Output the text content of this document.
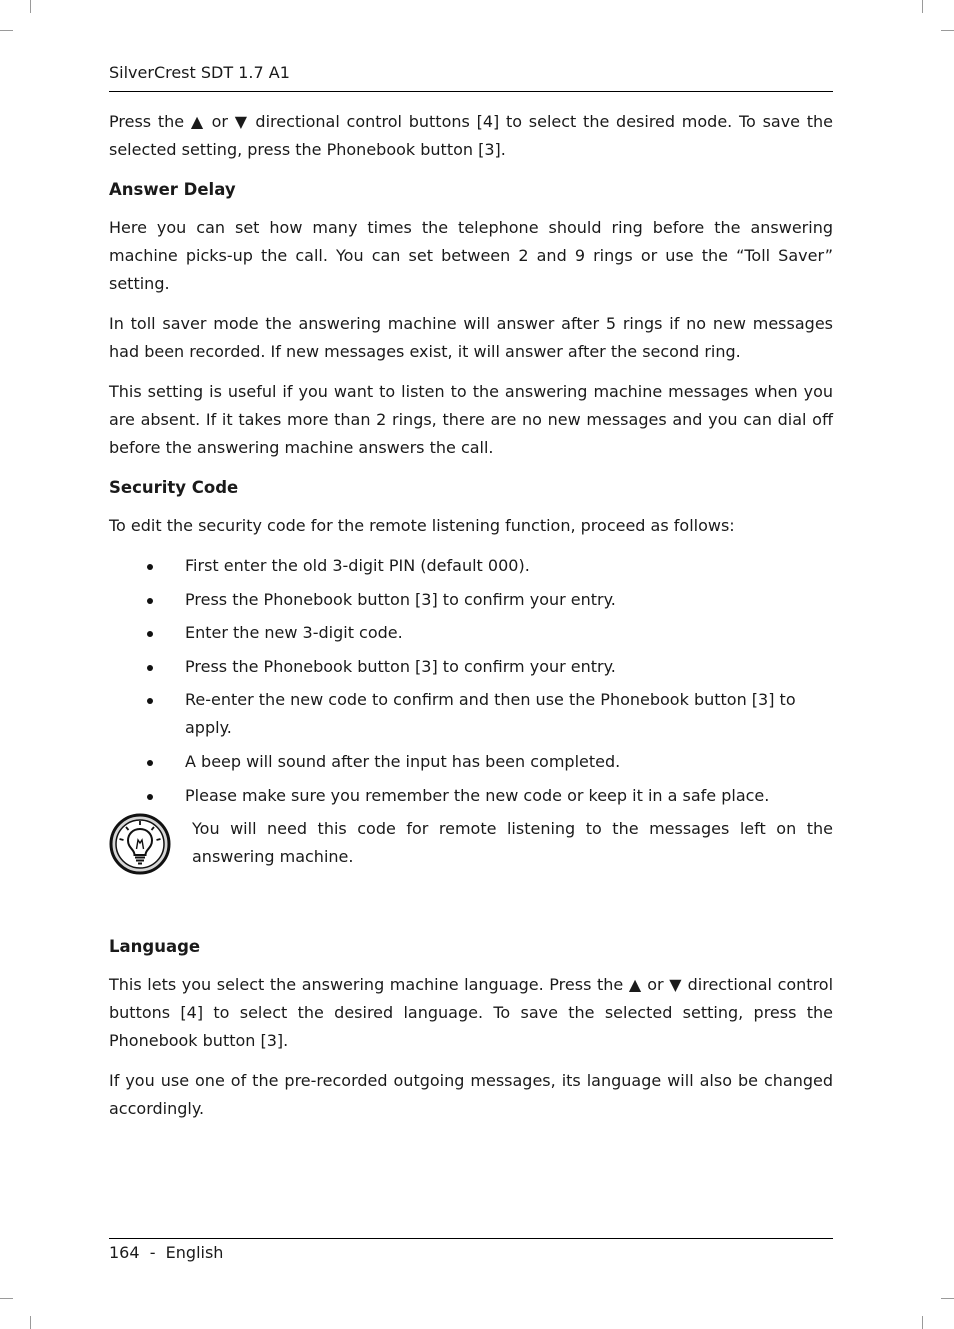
SilverCrest SDT 1.7 A1

Press the ▲ or ▼ directional control buttons [4] to select the desired mode. To save the selected setting, press the Phonebook button [3].

Answer Delay

Here you can set how many times the telephone should ring before the answering machine picks-up the call. You can set between 2 and 9 rings or use the “Toll Saver” setting.

In toll saver mode the answering machine will answer after 5 rings if no new messages had been recorded. If new messages exist, it will answer after the second ring.

This setting is useful if you want to listen to the answering machine messages when you are absent. If it takes more than 2 rings, there are no new messages and you can dial off before the answering machine answers the call.

Security Code

To edit the security code for the remote listening function, proceed as follows:

First enter the old 3-digit PIN (default 000).
Press the Phonebook button [3] to confirm your entry.
Enter the new 3-digit code.
Press the Phonebook button [3] to confirm your entry.
Re-enter the new code to confirm and then use the Phonebook button [3] to apply.
A beep will sound after the input has been completed.
Please make sure you remember the new code or keep it in a safe place.

You will need this code for remote listening to the messages left on the answering machine.

Language

This lets you select the answering machine language. Press the ▲ or ▼ directional control buttons [4] to select the desired language. To save the selected setting, press the Phonebook button [3].

If you use one of the pre-recorded outgoing messages, its language will also be changed accordingly.

164 - English
